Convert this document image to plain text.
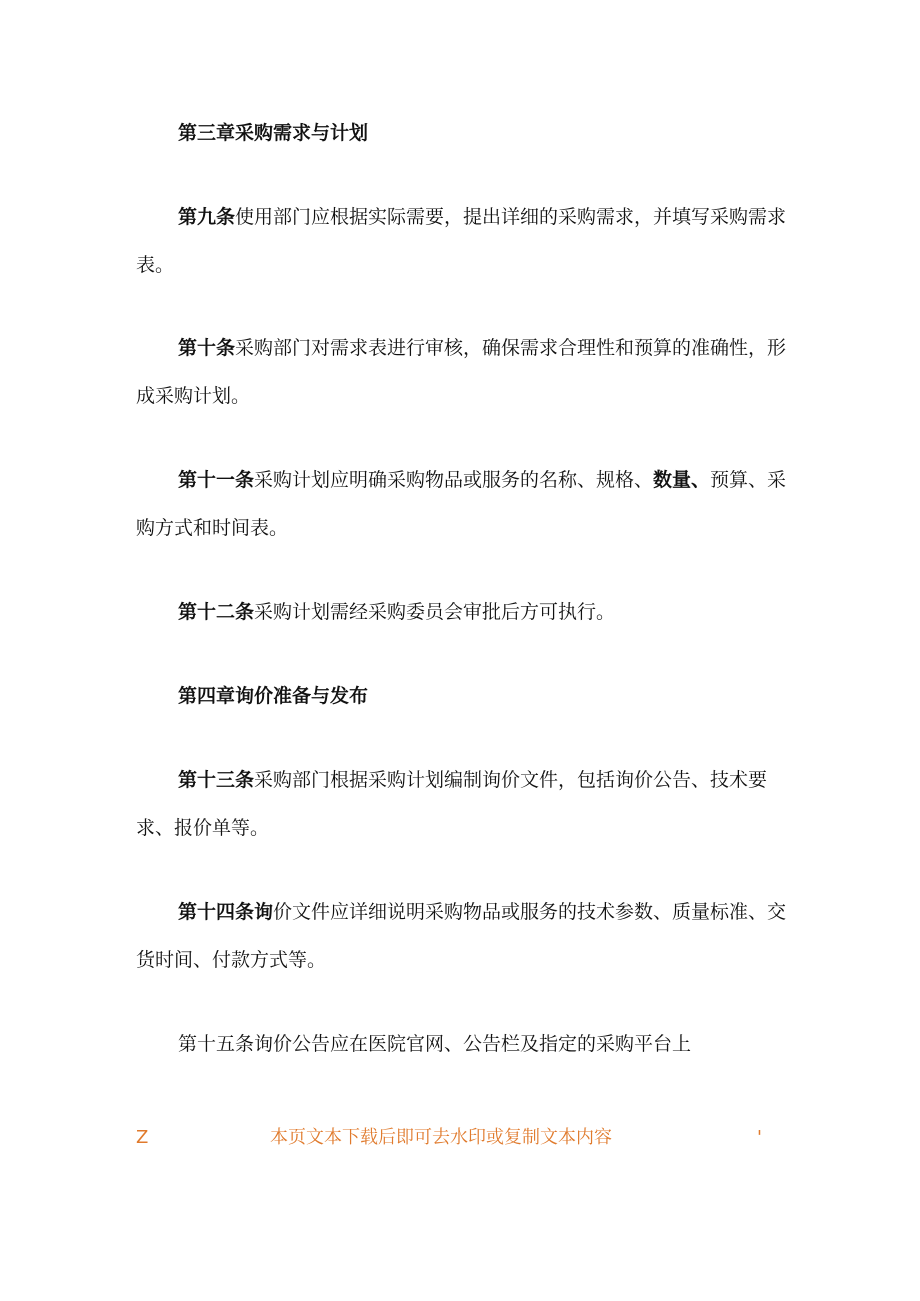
第三章采购需求与计划

第九条使用部门应根据实际需要，提出详细的采购需求，并填写采购需求表。

第十条采购部门对需求表进行审核，确保需求合理性和预算的准确性，形成采购计划。

第十一条采购计划应明确采购物品或服务的名称、规格、数量、预算、采购方式和时间表。

第十二条采购计划需经采购委员会审批后方可执行。

第四章询价准备与发布

第十三条采购部门根据采购计划编制询价文件，包括询价公告、技术要求、报价单等。

第十四条询价文件应详细说明采购物品或服务的技术参数、质量标准、交货时间、付款方式等。

第十五条询价公告应在医院官网、公告栏及指定的采购平台上

Z	本页文本下载后即可去水印或复制文本内容	'
